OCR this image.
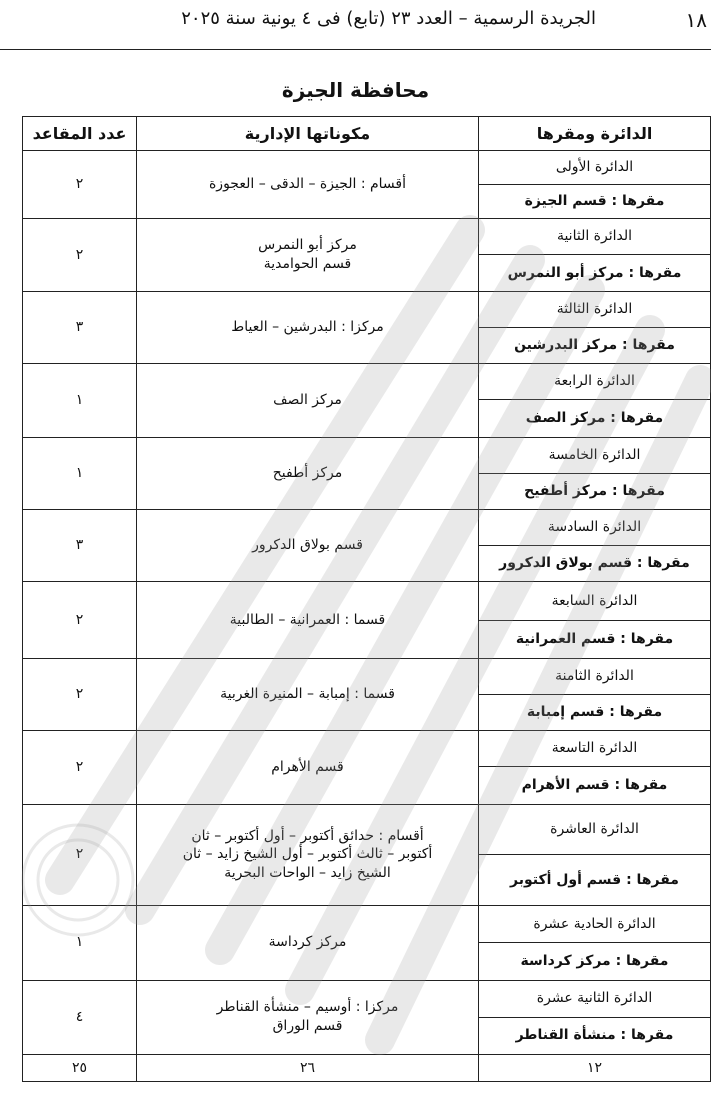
١٨
الجريدة الرسمية – العدد ٢٣ (تابع) فى ٤ يونية سنة ٢٠٢٥
محافظة الجيزة
الدائرة ومقرها	مكوناتها الإدارية	عدد المقاعد
الدائرة الأولى	أقسام : الجيزة – الدقى – العجوزة	٢
مقرها : قسم الجيزة		
الدائرة الثانية	مركز أبو النمرس
قسم الحوامدية	٢
مقرها : مركز أبو النمرس		
الدائرة الثالثة	مركزا : البدرشين – العياط	٣
مقرها : مركز البدرشين		
الدائرة الرابعة	مركز الصف	١
مقرها : مركز الصف		
الدائرة الخامسة	مركز أطفيح	١
مقرها : مركز أطفيح		
الدائرة السادسة	قسم بولاق الدكرور	٣
مقرها : قسم بولاق الدكرور		
الدائرة السابعة	قسما : العمرانية – الطالبية	٢
مقرها : قسم العمرانية		
الدائرة الثامنة	قسما : إمبابة – المنيرة الغربية	٢
مقرها : قسم إمبابة		
الدائرة التاسعة	قسم الأهرام	٢
مقرها : قسم الأهرام		
الدائرة العاشرة	أقسام : حدائق أكتوبر – أول أكتوبر – ثان
أكتوبر – ثالث أكتوبر – أول الشيخ زايد – ثان
الشيخ زايد – الواحات البحرية	٢
مقرها : قسم أول أكتوبر		
الدائرة الحادية عشرة	مركز كرداسة	١
مقرها : مركز كرداسة		
الدائرة الثانية عشرة	مركزا : أوسيم – منشأة القناطر
قسم الوراق	٤
مقرها : منشأة القناطر		
١٢	٢٦	٢٥
